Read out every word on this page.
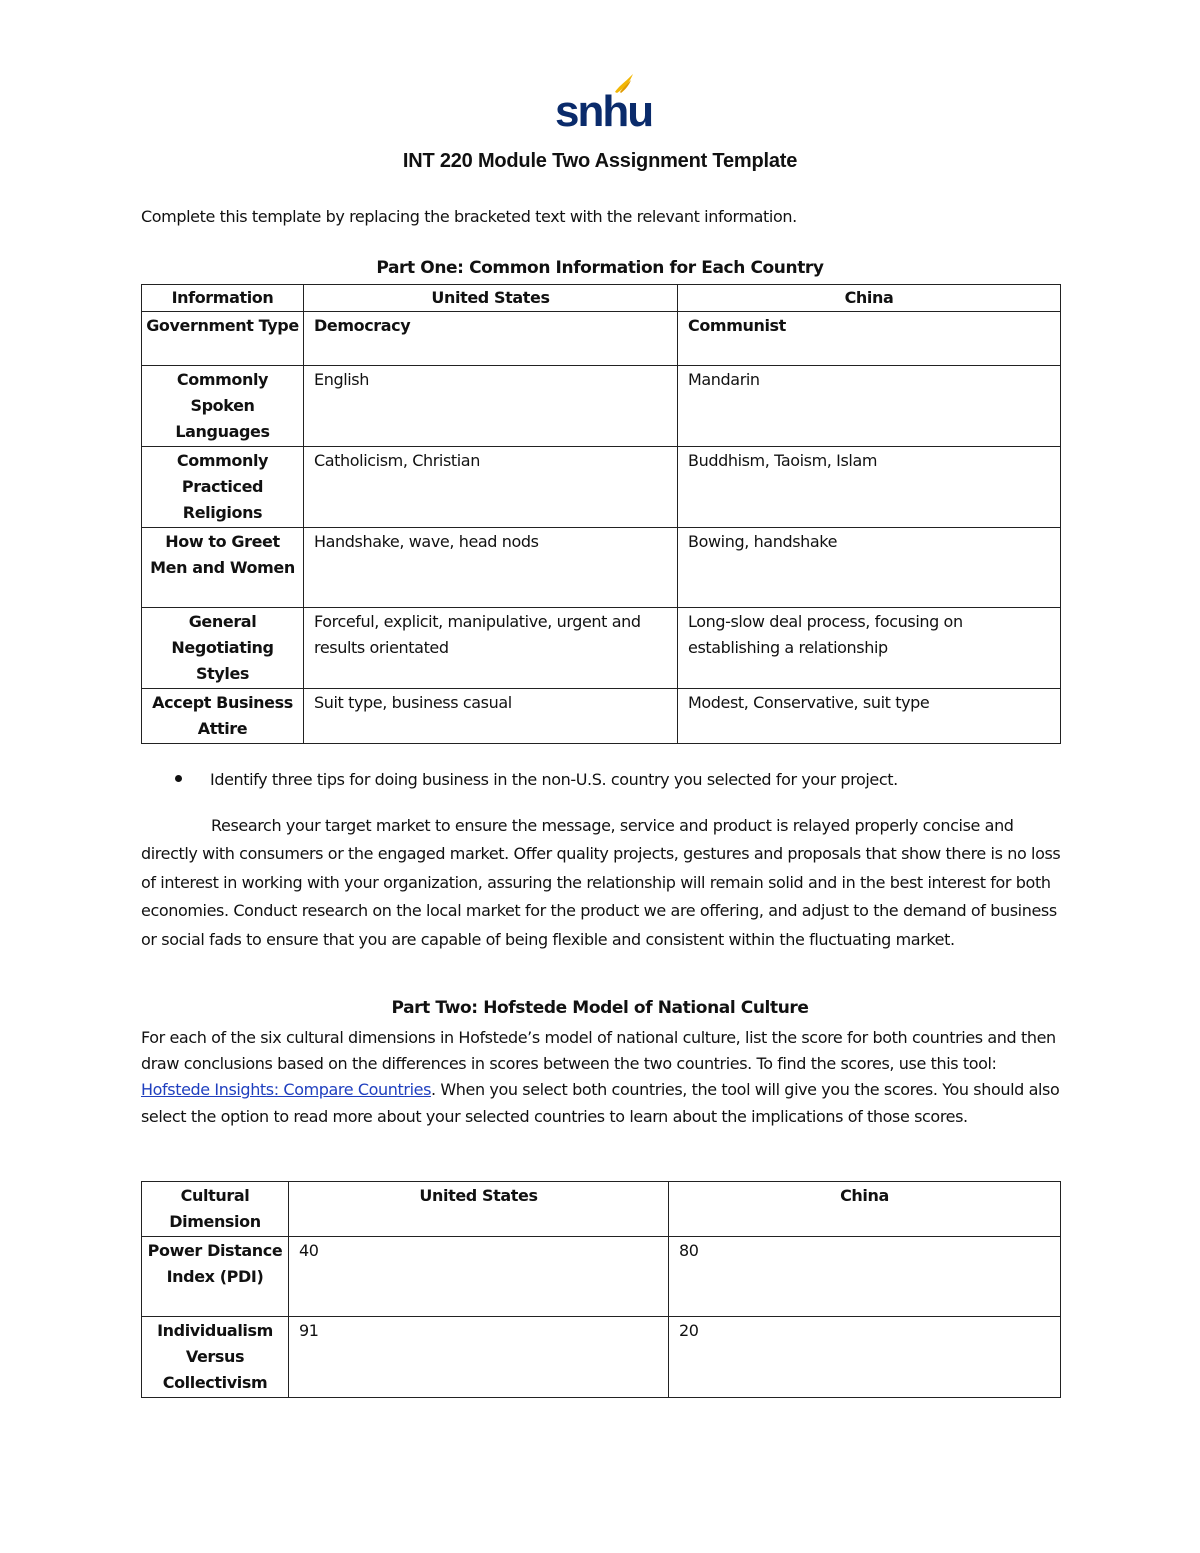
snhu
INT 220 Module Two Assignment Template
Complete this template by replacing the bracketed text with the relevant information.
Part One: Common Information for Each Country
Information	United States	China
Government Type	Democracy	Communist
Commonly Spoken Languages	English	Mandarin
Commonly Practiced Religions	Catholicism, Christian	Buddhism, Taoism, Islam
How to Greet Men and Women	Handshake, wave, head nods	Bowing, handshake
General Negotiating Styles	Forceful, explicit, manipulative, urgent and results orientated	Long-slow deal process, focusing on establishing a relationship
Accept Business Attire	Suit type, business casual	Modest, Conservative, suit type
Identify three tips for doing business in the non-U.S. country you selected for your project.
Research your target market to ensure the message, service and product is relayed properly concise and directly with consumers or the engaged market. Offer quality projects, gestures and proposals that show there is no loss of interest in working with your organization, assuring the relationship will remain solid and in the best interest for both economies. Conduct research on the local market for the product we are offering, and adjust to the demand of business or social fads to ensure that you are capable of being flexible and consistent within the fluctuating market.
Part Two: Hofstede Model of National Culture
For each of the six cultural dimensions in Hofstede’s model of national culture, list the score for both countries and then draw conclusions based on the differences in scores between the two countries. To find the scores, use this tool: Hofstede Insights: Compare Countries. When you select both countries, the tool will give you the scores. You should also select the option to read more about your selected countries to learn about the implications of those scores.
Cultural Dimension	United States	China
Power Distance Index (PDI)	40	80
Individualism Versus Collectivism	91	20
